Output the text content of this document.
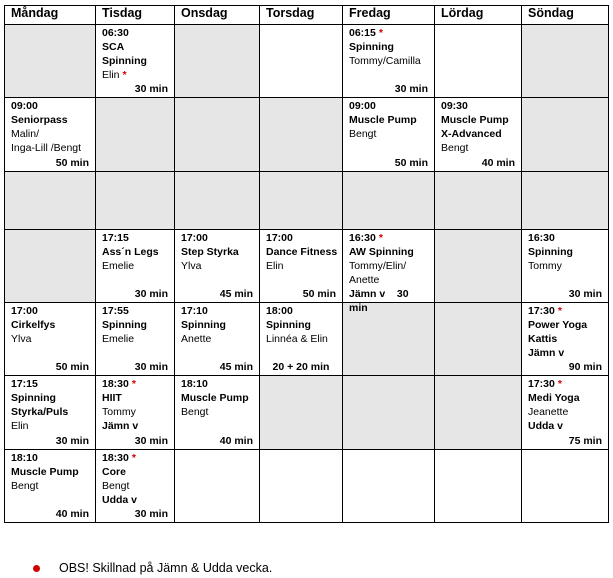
Måndag	Tisdag	Onsdag	Torsdag	Fredag	Lördag	Söndag

	06:30
SCA Spinning
Elin *
30 min			06:15 *
Spinning
Tommy/Camilla
30 min		

09:00
Seniorpass
Malin/
Inga-Lill /Bengt
50 min				09:00
Muscle Pump
Bengt
50 min	09:30
Muscle Pump
X-Advanced
Bengt
40 min	

	17:15
Ass´n Legs
Emelie
30 min	17:00
Step Styrka
Ylva
45 min	17:00
Dance Fitness
Elin
50 min	16:30 *
AW Spinning
Tommy/Elin/
Anette
Jämn v 30 min		16:30
Spinning
Tommy
30 min

17:00
Cirkelfys
Ylva
50 min	17:55
Spinning
Emelie
30 min	17:10
Spinning
Anette
45 min	18:00
Spinning
Linnéa & Elin
20 + 20 min			17:30 *
Power Yoga
Kattis
Jämn v
90 min

17:15
Spinning
Styrka/Puls
Elin
30 min	18:30 *
HIIT
Tommy
Jämn v
30 min	18:10
Muscle Pump
Bengt
40 min				17:30 *
Medi Yoga
Jeanette
Udda v
75 min

18:10
Muscle Pump
Bengt
40 min	18:30 *
Core
Bengt
Udda v
30 min					

OBS! Skillnad på Jämn & Udda vecka.
